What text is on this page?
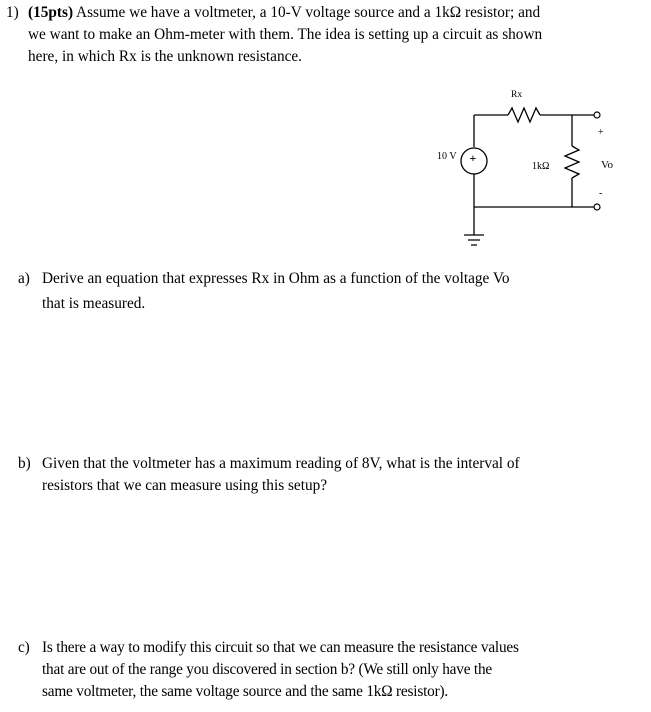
1) (15pts) Assume we have a voltmeter, a 10-V voltage source and a 1kΩ resistor; and
we want to make an Ohm-meter with them. The idea is setting up a circuit as shown
here, in which Rx is the unknown resistance.
Rx
10 V +
1kΩ
+
Vo
-
a) Derive an equation that expresses Rx in Ohm as a function of the voltage Vo
that is measured.
b) Given that the voltmeter has a maximum reading of 8V, what is the interval of
resistors that we can measure using this setup?
c) Is there a way to modify this circuit so that we can measure the resistance values
that are out of the range you discovered in section b? (We still only have the
same voltmeter, the same voltage source and the same 1kΩ resistor).
